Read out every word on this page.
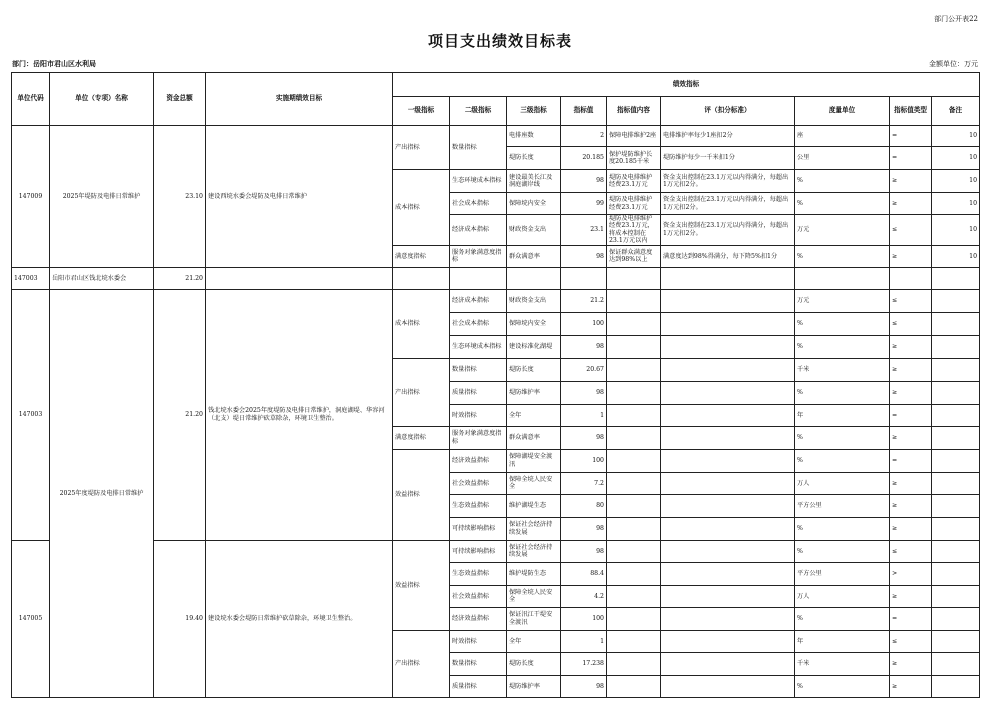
部门公开表22
项目支出绩效目标表
部门：岳阳市君山区水利局	金额单位：万元
单位代码	单位（专项）名称	资金总额	实施期绩效目标	绩效指标								
				一级指标	二级指标	三级指标	指标值	指标值内容	评（扣分标准）	度量单位	指标值类型	备注
147009	2025年堤防及电排日常维护	23.10	建设西垸水委会堤防及电排日常维护	产出指标	数量指标	电排座数	2	保障电排维护2座	电排维护率每少1座扣2分	座	=	10
						堤防长度	20.185	保护堤防维护长度20.185千米	堤防维护每少一千米扣1分	公里	=	10
				成本指标	生态环境成本指标	建设最美长江及洞庭湖岸线	98	堤防及电排维护经费23.1万元	资金支出控制在23.1万元以内得满分，每超出1万元扣2分。	%	≥	10
					社会成本指标	保障垸内安全	99	堤防及电排维护经费23.1万元	资金支出控制在23.1万元以内得满分，每超出1万元扣2分。	%	≥	10
					经济成本指标	财政资金支出	23.1	堤防及电排维护经费23.1万元，将成本控制在23.1万元以内	资金支出控制在23.1万元以内得满分，每超出1万元扣2分。	万元	≤	10
				满意度指标	服务对象满意度指标	群众满意率	98	保证群众满意度达到98%以上	满意度达到98%得满分，每下降5%扣1分	%	≥	10
147003	岳阳市君山区钱北垸水委会	21.20										
147003	2025年度堤防及电排日常维护	21.20	钱北垸水委会2025年度堤防及电排日常维护，洞庭湖堤、华容河（北支）堤日常维护砍草除杂，环境卫生整治。	成本指标	经济成本指标	财政资金支出	21.2			万元	≤	
					社会成本指标	保障垸内安全	100			%	≤	
					生态环境成本指标	建设标准化湖堤	98			%	≥	
				产出指标	数量指标	堤防长度	20.67			千米	≥	
					质量指标	堤防维护率	98			%	≥	
					时效指标	全年	1			年	=	
				满意度指标	服务对象满意度指标	群众满意率	98			%	≥	
				效益指标	经济效益指标	保障湖堤安全渡汛	100			%	=	
					社会效益指标	保障全垸人民安全	7.2			万人	≥	
					生态效益指标	维护湖堤生态	80			平方公里	≥	
					可持续影响指标	保证社会经济持续发展	98			%	≥	
147005		19.40	建设垸水委会堤防日常维护砍草除杂，环境卫生整治。	效益指标	可持续影响指标	保证社会经济持续发展	98			%	≤	
					生态效益指标	维护堤防生态	88.4			平方公里	>	
					社会效益指标	保障全垸人民安全	4.2			万人	≥	
					经济效益指标	保证汛江干堤安全渡汛	100			%	=	
				产出指标	时效指标	全年	1			年	≤	
					数量指标	堤防长度	17.238			千米	≥	
					质量指标	堤防维护率	98			%	≥	
